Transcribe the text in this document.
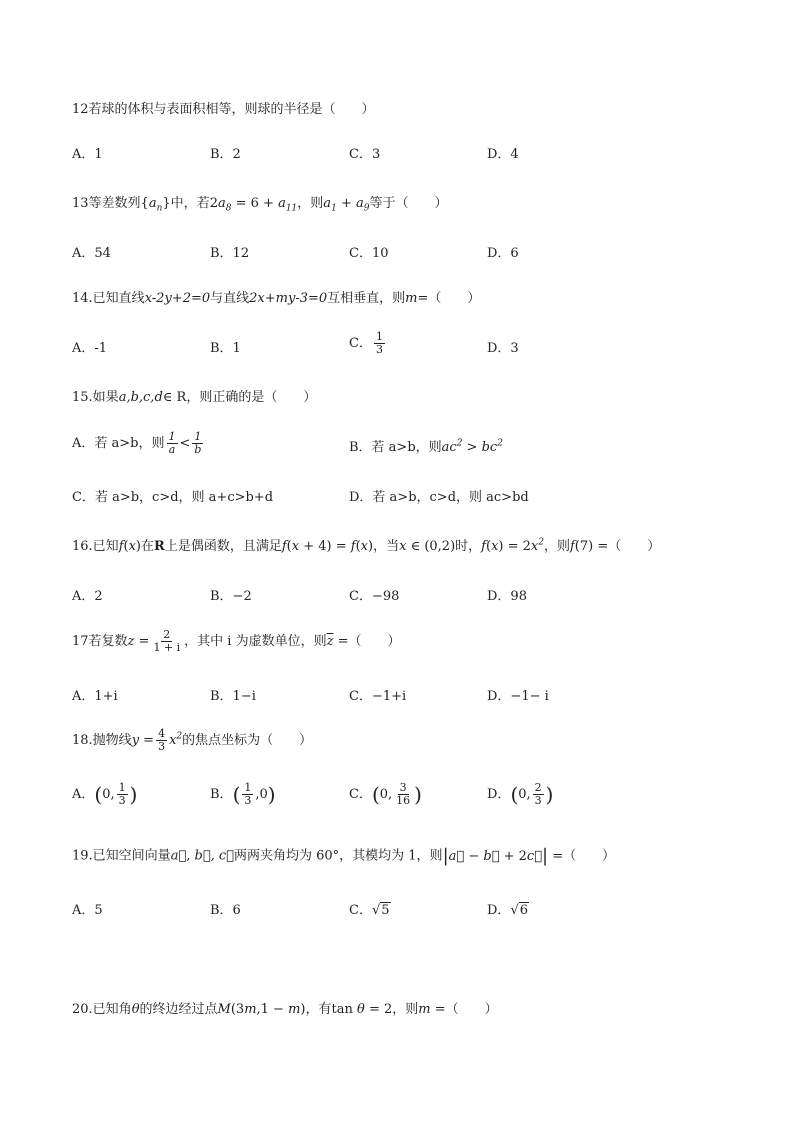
12若球的体积与表面积相等，则球的半径是（　　）
A．1	B．2	C．3	D．4
13等差数列$\{a_n\}$中，若$2a_8 = 6 + a_{11}$，则$a_1 + a_9$等于（　　）
A．54	B．12	C．10	D．6
14.已知直线x-2y+2=0与直线2x+my-3=0互相垂直，则m=（　　）
A．-1	B．1	C． $\frac{1}{3}$	D．3
15.如果a,b,c,d∈ R，则正确的是（　　）
A．若 a>b，则 $\frac{1}{a} < \frac{1}{b}$	B．若 a>b，则$ac^2 > bc^2$
C．若 a>b，c>d，则 a+c>b+d	D．若 a>b，c>d，则 ac>bd
16.已知f(x)在R上是偶函数，且满足f(x + 4) = f(x)，当x ∈ (0,2)时，$f(x) = 2x^2$，则f(7) =（　　）
A．2	B．−2	C．−98	D．98
17若复数$z = \frac{2}{1 + i}$ ，其中 i 为虚数单位，则$\overline{z}$ =（　　）
A．1+i	B．1−i	C．−1+i	D．−1− i
18.抛物线$y = \frac{4}{3} x^2$的焦点坐标为（　　）
A．(0, $\frac{1}{3}$ )	B．( $\frac{1}{3} ,0$)	C．(0, $\frac{3}{16}$ )	D．(0, $\frac{2}{3}$ )
19.已知空间向量a⃗, b⃗, c⃗两两夹角均为 60°，其模均为 1，则|a⃗ − b⃗ + 2c⃗| =（　　）
A．5	B．6	C．√5	D．√6
20.已知角θ的终边经过点M(3m,1 − m)，有tan θ = 2，则m =（　　）
